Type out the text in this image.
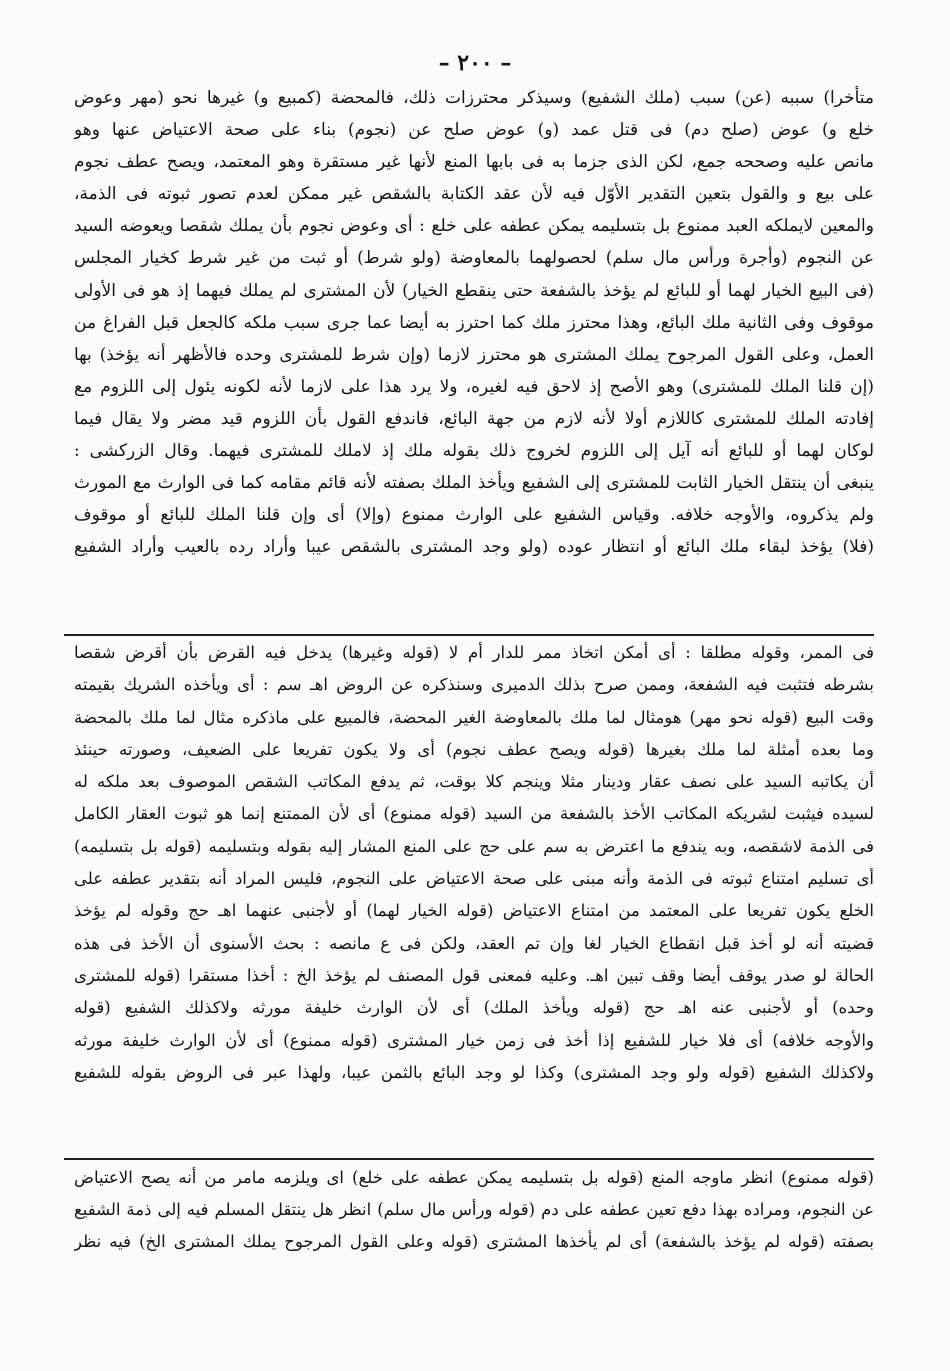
– ٢٠٠ –
متأخرا) سببه (عن) سبب (ملك الشفيع) وسيذكر محترزات ذلك، فالمحضة (كمبيع و) غيرها نحو (مهر وعوض
خلع و) عوض (صلح دم) فى قتل عمد (و) عوض صلح عن (نجوم) بناء على صحة الاعتياض عنها وهو
مانص عليه وصححه جمع، لكن الذى جزما به فى بابها المنع لأنها غير مستقرة وهو المعتمد، ويصح عطف نجوم
على بيع و والقول بتعين التقدير الأوّل فيه لأن عقد الكتابة بالشقص غير ممكن لعدم تصور ثبوته فى الذمة،
والمعين لايملكه العبد ممنوع بل بتسليمه يمكن عطفه على خلع : أى وعوض نجوم بأن يملك شقصا ويعوضه السيد
عن النجوم (وأجرة ورأس مال سلم) لحصولهما بالمعاوضة (ولو شرط) أو ثبت من غير شرط كخيار المجلس
(فى البيع الخيار لهما أو للبائع لم يؤخذ بالشفعة حتى ينقطع الخيار) لأن المشترى لم يملك فيهما إذ هو فى الأولى
موقوف وفى الثانية ملك البائع، وهذا محترز ملك كما احترز به أيضا عما جرى سبب ملكه كالجعل قبل الفراغ من
العمل، وعلى القول المرجوح يملك المشترى هو محترز لازما (وإن شرط للمشترى وحده فالأظهر أنه يؤخذ) بها
(إن قلنا الملك للمشترى) وهو الأصح إذ لاحق فيه لغيره، ولا يرد هذا على لازما لأنه لكونه يئول إلى اللزوم مع
إفادته الملك للمشترى كاللازم أولا لأنه لازم من جهة البائع، فاندفع القول بأن اللزوم قيد مضر ولا يقال فيما
لوكان لهما أو للبائع أنه آيل إلى اللزوم لخروج ذلك بقوله ملك إذ لاملك للمشترى فيهما. وقال الزركشى :
ينبغى أن ينتقل الخيار الثابت للمشترى إلى الشفيع ويأخذ الملك بصفته لأنه قائم مقامه كما فى الوارث مع المورث
ولم يذكروه، والأوجه خلافه. وقياس الشفيع على الوارث ممنوع (وإلا) أى وإن قلنا الملك للبائع أو موقوف
(فلا) يؤخذ لبقاء ملك البائع أو انتظار عوده (ولو وجد المشترى بالشقص عيبا وأراد رده بالعيب وأراد الشفيع
فى الممر، وقوله مطلقا : أى أمكن اتخاذ ممر للدار أم لا (قوله وغيرها) يدخل فيه القرض بأن أقرض شقصا
بشرطه فتثبت فيه الشفعة، وممن صرح بذلك الدميرى وسنذكره عن الروض اهـ سم : أى ويأخذه الشريك بقيمته
وقت البيع (قوله نحو مهر) هومثال لما ملك بالمعاوضة الغير المحضة، فالمبيع على ماذكره مثال لما ملك بالمحضة
وما بعده أمثلة لما ملك بغيرها (قوله ويصح عطف نجوم) أى ولا يكون تفريعا على الضعيف، وصورته حينئذ
أن يكاتبه السيد على نصف عقار ودينار مثلا وينجم كلا بوقت، ثم يدفع المكاتب الشقص الموصوف بعد ملكه له
لسيده فيثبت لشريكه المكاتب الأخذ بالشفعة من السيد (قوله ممنوع) أى لأن الممتنع إنما هو ثبوت العقار الكامل
فى الذمة لاشقصه، وبه يندفع ما اعترض به سم على حج على المنع المشار إليه بقوله وبتسليمه (قوله بل بتسليمه)
أى تسليم امتناع ثبوته فى الذمة وأنه مبنى على صحة الاعتياض على النجوم، فليس المراد أنه بتقدير عطفه على
الخلع يكون تفريعا على المعتمد من امتناع الاعتياض (قوله الخيار لهما) أو لأجنبى عنهما اهـ حج وقوله لم يؤخذ
قضيته أنه لو أخذ قبل انقطاع الخيار لغا وإن تم العقد، ولكن فى ع مانصه : بحث الأسنوى أن الأخذ فى هذه
الحالة لو صدر يوقف أيضا وقف تبين اهـ. وعليه فمعنى قول المصنف لم يؤخذ الخ : أخذا مستقرا (قوله للمشترى
وحده) أو لأجنبى عنه اهـ حج (قوله ويأخذ الملك) أى لأن الوارث خليفة مورثه ولاكذلك الشفيع (قوله
والأوجه خلافه) أى فلا خيار للشفيع إذا أخذ فى زمن خيار المشترى (قوله ممنوع) أى لأن الوارث خليفة مورثه
ولاكذلك الشفيع (قوله ولو وجد المشترى) وكذا لو وجد البائع بالثمن عيبا، ولهذا عبر فى الروض بقوله للشفيع
(قوله ممنوع) انظر ماوجه المنع (قوله بل بتسليمه يمكن عطفه على خلع) اى ويلزمه مامر من أنه يصح الاعتياض
عن النجوم، ومراده بهذا دفع تعين عطفه على دم (قوله ورأس مال سلم) انظر هل ينتقل المسلم فيه إلى ذمة الشفيع
بصفته (قوله لم يؤخذ بالشفعة) أى لم يأخذها المشترى (قوله وعلى القول المرجوح يملك المشترى الخ) فيه نظر
